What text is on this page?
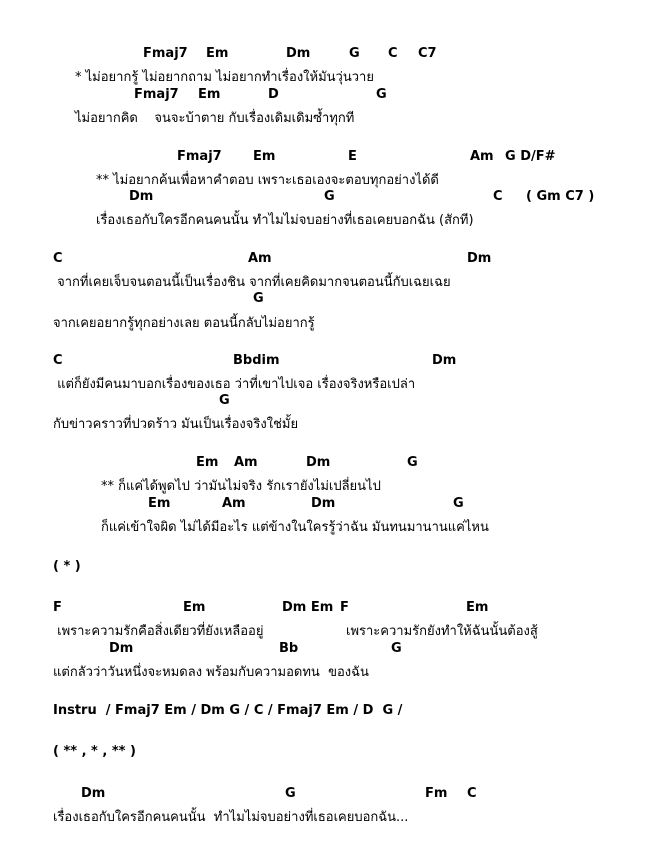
Fmaj7 Em	Dm	G C C7
* ไม่อยากรู้ ไม่อยากถาม ไม่อยากทำเรื่องให้มันวุ่นวาย
Fmaj7 Em	D	G
ไม่อยากคิด    จนจะบ้าตาย กับเรื่องเดิมเดิมซ้ำทุกที
Fmaj7 Em	E	Am G D/F#
** ไม่อยากค้นเพื่อหาคำตอบ เพราะเธอเองจะตอบทุกอย่างได้ดี
Dm	G	C ( Gm C7 )
เรื่องเธอกับใครอีกคนคนนั้น ทำไมไม่จบอย่างที่เธอเคยบอกฉัน (สักที)
C	Am	Dm
จากที่เคยเจ็บจนตอนนี้เป็นเรื่องชิน จากที่เคยคิดมากจนตอนนี้กับเฉยเฉย
G
จากเคยอยากรู้ทุกอย่างเลย ตอนนี้กลับไม่อยากรู้
C	Bbdim	Dm
แต่ก็ยังมีคนมาบอกเรื่องของเธอ ว่าที่เขาไปเจอ เรื่องจริงหรือเปล่า
G
กับข่าวคราวที่ปวดร้าว มันเป็นเรื่องจริงใช่มั้ย
Em Am	Dm	G
** ก็แค่ได้พูดไป ว่ามันไม่จริง รักเรายังไม่เปลี่ยนไป
Em	Am	Dm	G
ก็แค่เข้าใจผิด ไม่ได้มีอะไร แต่ข้างในใครรู้ว่าฉัน มันทนมานานแค่ไหน
( * )
F	Em	Dm Em F	Em
เพราะความรักคือสิ่งเดียวที่ยังเหลืออยู่	เพราะความรักยังทำให้ฉันนั้นต้องสู้
Dm	Bb	G
แต่กลัวว่าวันหนึ่งจะหมดลง พร้อมกับความอดทน  ของฉัน
Instru  / Fmaj7 Em / Dm G / C / Fmaj7 Em / D  G /
( ** , * , ** )
Dm	G	Fm C
เรื่องเธอกับใครอีกคนคนนั้น  ทำไมไม่จบอย่างที่เธอเคยบอกฉัน...
